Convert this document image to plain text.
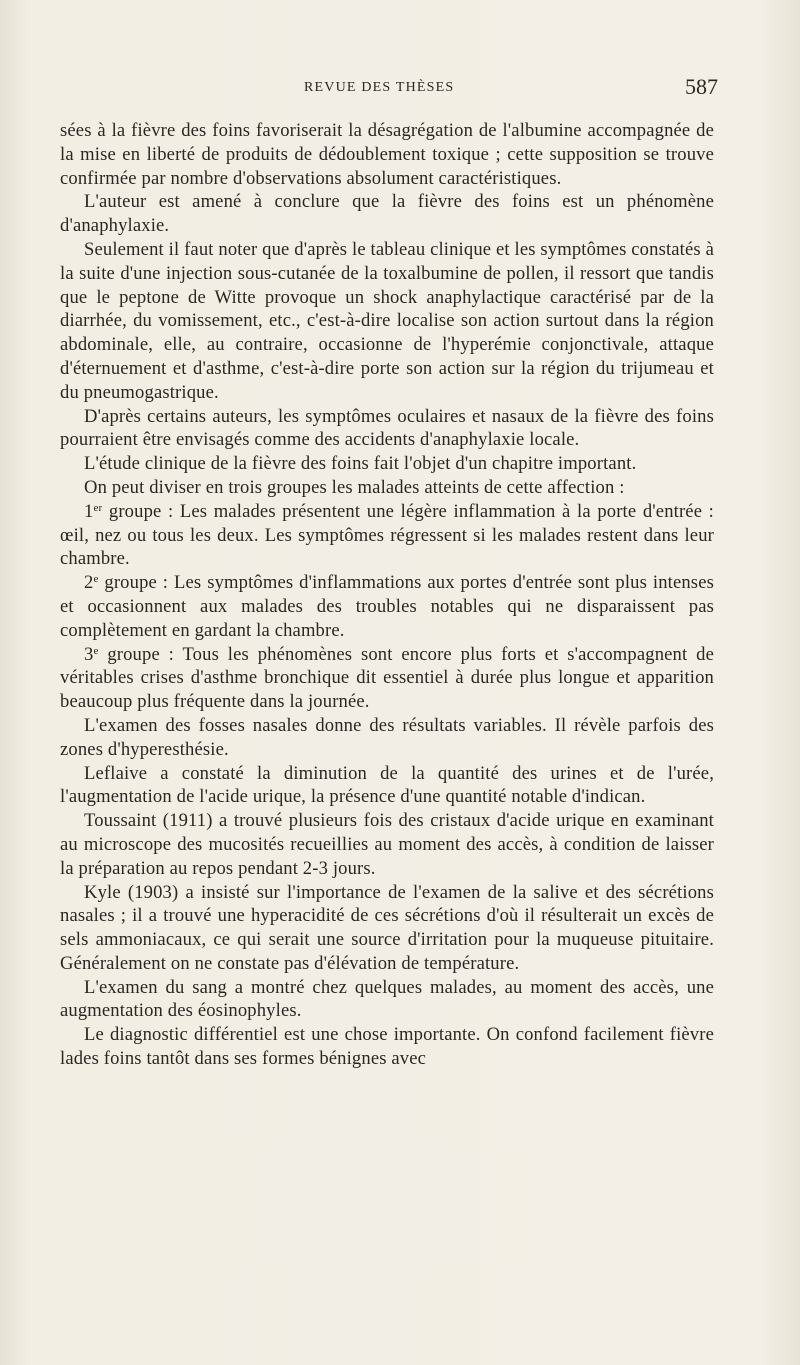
REVUE DES THÈSES	587

sées à la fièvre des foins favoriserait la désagrégation de l'albumine accompagnée de la mise en liberté de produits de dédoublement toxique ; cette supposition se trouve confirmée par nombre d'observations absolument caractéristiques.

L'auteur est amené à conclure que la fièvre des foins est un phénomène d'anaphylaxie.

Seulement il faut noter que d'après le tableau clinique et les symptômes constatés à la suite d'une injection sous-cutanée de la toxalbumine de pollen, il ressort que tandis que le peptone de Witte provoque un shock anaphylactique caractérisé par de la diarrhée, du vomissement, etc., c'est-à-dire localise son action surtout dans la région abdominale, elle, au contraire, occasionne de l'hyperémie conjonctivale, attaque d'éternuement et d'asthme, c'est-à-dire porte son action sur la région du trijumeau et du pneumogastrique.

D'après certains auteurs, les symptômes oculaires et nasaux de la fièvre des foins pourraient être envisagés comme des accidents d'anaphylaxie locale.

L'étude clinique de la fièvre des foins fait l'objet d'un chapitre important.

On peut diviser en trois groupes les malades atteints de cette affection :

1er groupe : Les malades présentent une légère inflammation à la porte d'entrée : œil, nez ou tous les deux. Les symptômes régressent si les malades restent dans leur chambre.

2e groupe : Les symptômes d'inflammations aux portes d'entrée sont plus intenses et occasionnent aux malades des troubles notables qui ne disparaissent pas complètement en gardant la chambre.

3e groupe : Tous les phénomènes sont encore plus forts et s'accompagnent de véritables crises d'asthme bronchique dit essentiel à durée plus longue et apparition beaucoup plus fréquente dans la journée.

L'examen des fosses nasales donne des résultats variables. Il révèle parfois des zones d'hyperesthésie.

Leflaive a constaté la diminution de la quantité des urines et de l'urée, l'augmentation de l'acide urique, la présence d'une quantité notable d'indican.

Toussaint (1911) a trouvé plusieurs fois des cristaux d'acide urique en examinant au microscope des mucosités recueillies au moment des accès, à condition de laisser la préparation au repos pendant 2-3 jours.

Kyle (1903) a insisté sur l'importance de l'examen de la salive et des sécrétions nasales ; il a trouvé une hyperacidité de ces sécrétions d'où il résulterait un excès de sels ammoniacaux, ce qui serait une source d'irritation pour la muqueuse pituitaire. Généralement on ne constate pas d'élévation de température.

L'examen du sang a montré chez quelques malades, au moment des accès, une augmentation des éosinophyles.

Le diagnostic différentiel est une chose importante. On confond facilement fièvre lades foins tantôt dans ses formes bénignes avec
